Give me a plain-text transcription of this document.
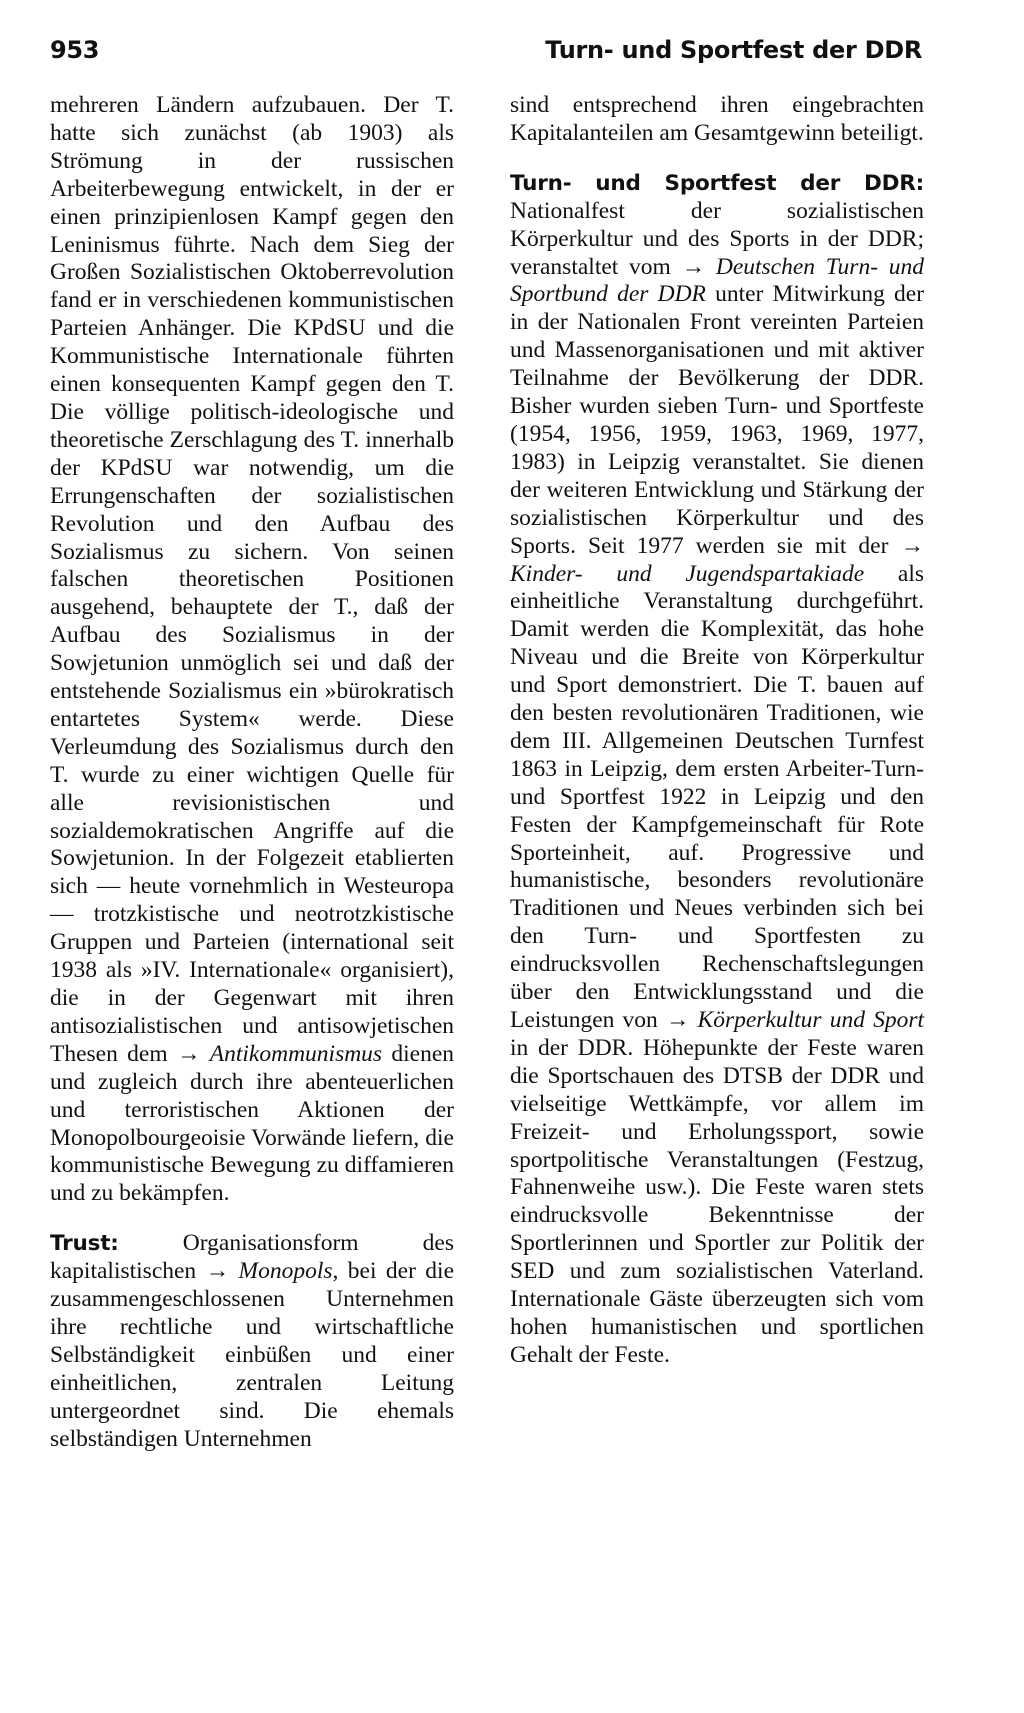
953	Turn- und Sportfest der DDR

mehreren Ländern aufzubauen. Der T. hatte sich zunächst (ab 1903) als Strömung in der russischen Arbeiterbewegung entwickelt, in der er einen prinzipienlosen Kampf gegen den Leninismus führte. Nach dem Sieg der Großen Sozialistischen Oktoberrevolution fand er in verschiedenen kommunistischen Parteien Anhänger. Die KPdSU und die Kommunistische Internationale führten einen konsequenten Kampf gegen den T. Die völlige politisch-ideologische und theoretische Zerschlagung des T. innerhalb der KPdSU war notwendig, um die Errungenschaften der sozialistischen Revolution und den Aufbau des Sozialismus zu sichern. Von seinen falschen theoretischen Positionen ausgehend, behauptete der T., daß der Aufbau des Sozialismus in der Sowjetunion unmöglich sei und daß der entstehende Sozialismus ein »bürokratisch entartetes System« werde. Diese Verleumdung des Sozialismus durch den T. wurde zu einer wichtigen Quelle für alle revisionistischen und sozialdemokratischen Angriffe auf die Sowjetunion. In der Folgezeit etablierten sich — heute vornehmlich in Westeuropa — trotzkistische und neotrotzkistische Gruppen und Parteien (international seit 1938 als »IV. Internationale« organisiert), die in der Gegenwart mit ihren antisozialistischen und antisowjetischen Thesen dem → Antikommunismus dienen und zugleich durch ihre abenteuerlichen und terroristischen Aktionen der Monopolbourgeoisie Vorwände liefern, die kommunistische Bewegung zu diffamieren und zu bekämpfen.

Trust:	Organisationsform des kapitalistischen → Monopols, bei der die zusammengeschlossenen Unternehmen ihre rechtliche und wirtschaftliche Selbständigkeit einbüßen und einer einheitlichen, zentralen Leitung untergeordnet sind. Die ehemals selbständigen Unternehmen

sind entsprechend ihren eingebrachten Kapitalanteilen am Gesamtgewinn beteiligt.

Turn- und Sportfest der DDR: Nationalfest der sozialistischen Körperkultur und des Sports in der DDR; veranstaltet vom → Deutschen Turn- und Sportbund der DDR unter Mitwirkung der in der Nationalen Front vereinten Parteien und Massenorganisationen und mit aktiver Teilnahme der Bevölkerung der DDR. Bisher wurden sieben Turn- und Sportfeste (1954, 1956, 1959, 1963, 1969, 1977, 1983) in Leipzig veranstaltet. Sie dienen der weiteren Entwicklung und Stärkung der sozialistischen Körperkultur und des Sports. Seit 1977 werden sie mit der → Kinder- und Jugendspartakiade als einheitliche Veranstaltung durchgeführt. Damit werden die Komplexität, das hohe Niveau und die Breite von Körperkultur und Sport demonstriert. Die T. bauen auf den besten revolutionären Traditionen, wie dem III. Allgemeinen Deutschen Turnfest 1863 in Leipzig, dem ersten Arbeiter-Turn- und Sportfest 1922 in Leipzig und den Festen der Kampfgemeinschaft für Rote Sporteinheit, auf. Progressive und humanistische, besonders revolutionäre Traditionen und Neues verbinden sich bei den Turn- und Sportfesten zu eindrucksvollen Rechenschaftslegungen über den Entwicklungsstand und die Leistungen von → Körperkultur und Sport in der DDR. Höhepunkte der Feste waren die Sportschauen des DTSB der DDR und vielseitige Wettkämpfe, vor allem im Freizeit- und Erholungssport, sowie sportpolitische Veranstaltungen (Festzug, Fahnenweihe usw.). Die Feste waren stets eindrucksvolle Bekenntnisse der Sportlerinnen und Sportler zur Politik der SED und zum sozialistischen Vaterland. Internationale Gäste überzeugten sich vom hohen humanistischen und sportlichen Gehalt der Feste.
